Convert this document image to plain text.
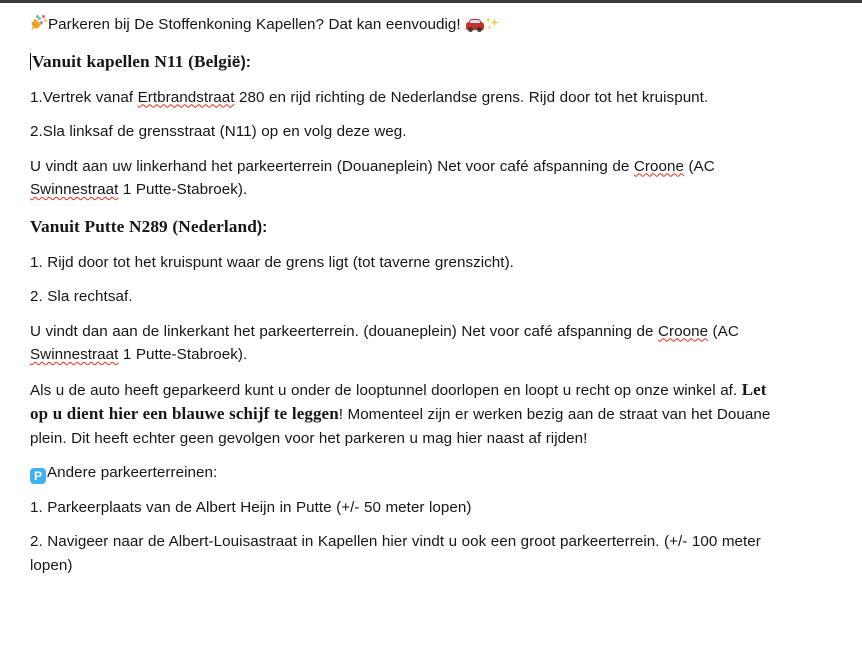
Parkeren bij De Stoffenkoning Kapellen? Dat kan eenvoudig!

Vanuit kapellen N11 (België):

1.Vertrek vanaf Ertbrandstraat 280 en rijd richting de Nederlandse grens. Rijd door tot het kruispunt.

2.Sla linksaf de grensstraat (N11) op en volg deze weg.

U vindt aan uw linkerhand het parkeerterrein (Douaneplein) Net voor café afspanning de Croone (AC Swinnestraat 1 Putte-Stabroek).

Vanuit Putte N289 (Nederland):

1. Rijd door tot het kruispunt waar de grens ligt (tot taverne grenszicht).

2. Sla rechtsaf.

U vindt dan aan de linkerkant het parkeerterrein. (douaneplein) Net voor café afspanning de Croone (AC Swinnestraat 1 Putte-Stabroek).

Als u de auto heeft geparkeerd kunt u onder de looptunnel doorlopen en loopt u recht op onze winkel af. Let op u dient hier een blauwe schijf te leggen! Momenteel zijn er werken bezig aan de straat van het Douane plein. Dit heeft echter geen gevolgen voor het parkeren u mag hier naast af rijden!

P Andere parkeerterreinen:

1. Parkeerplaats van de Albert Heijn in Putte (+/- 50 meter lopen)

2. Navigeer naar de Albert-Louisastraat in Kapellen hier vindt u ook een groot parkeerterrein. (+/- 100 meter lopen)
